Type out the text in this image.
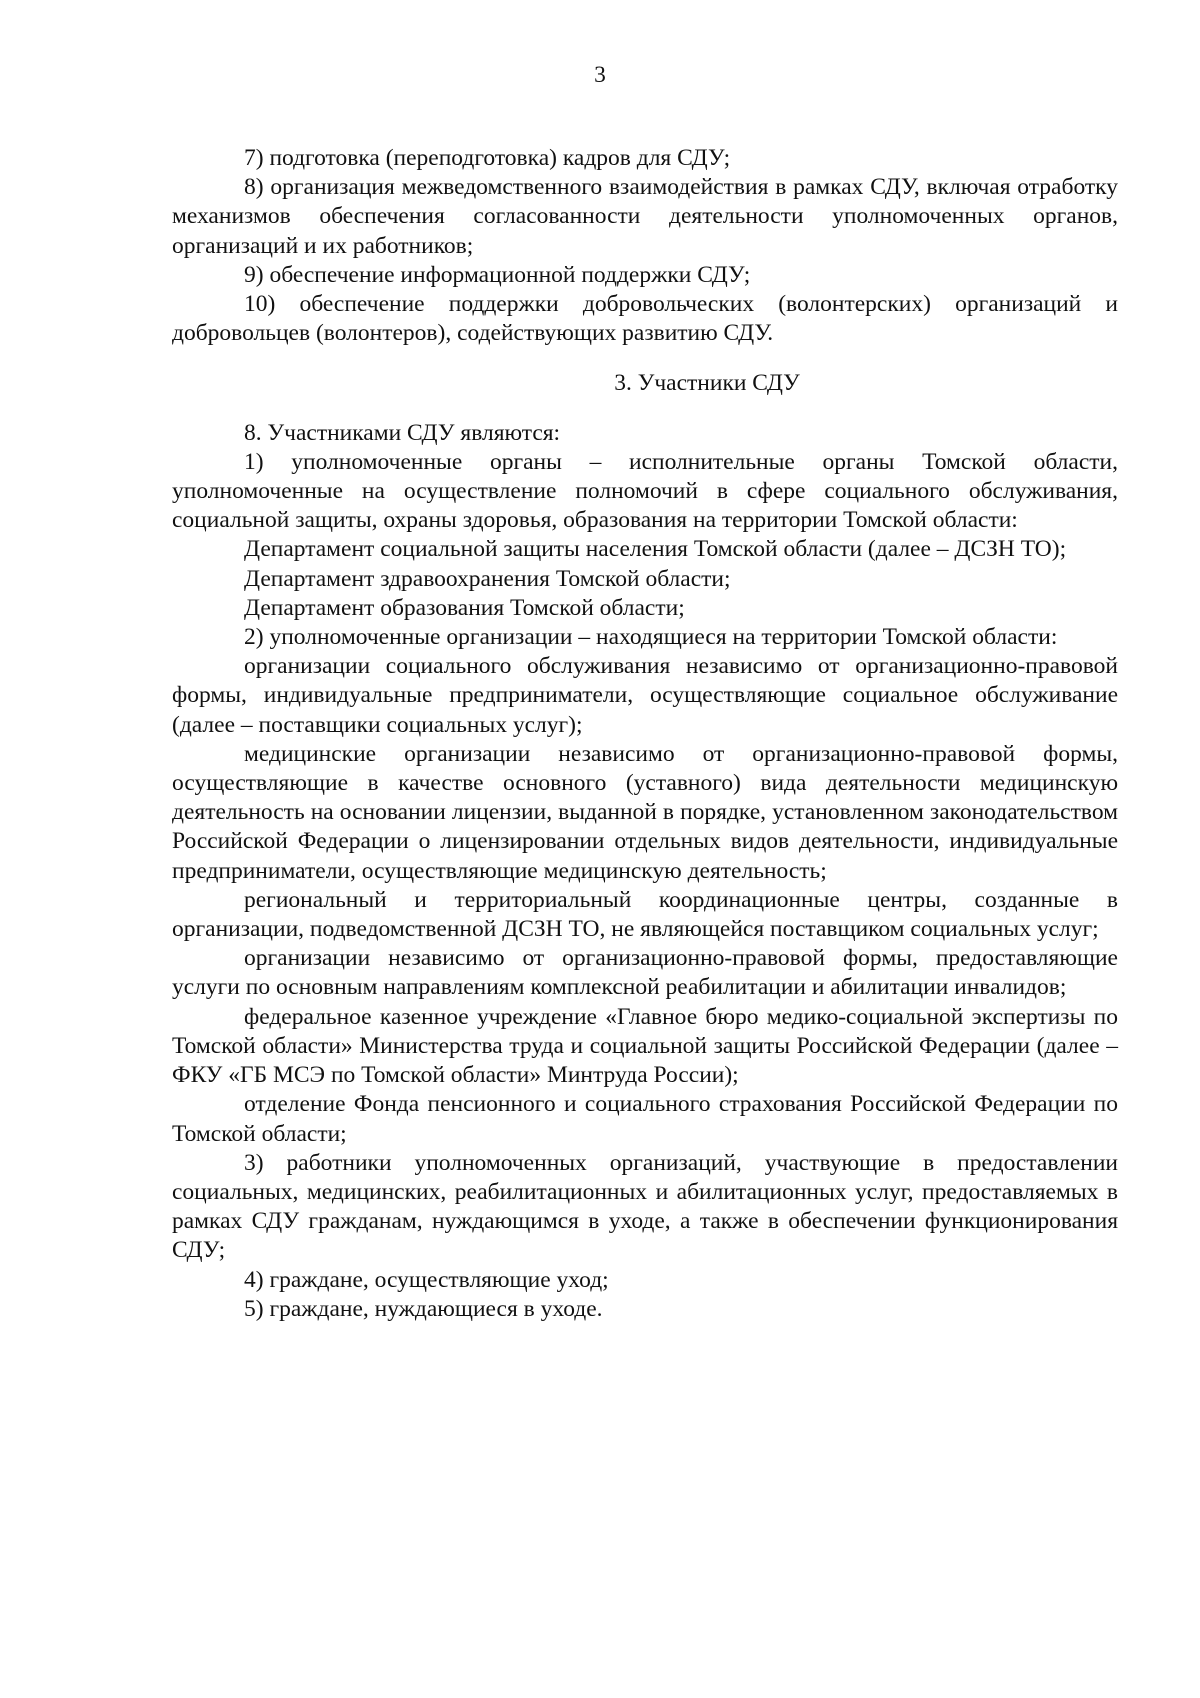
3

7) подготовка (переподготовка) кадров для СДУ;

8) организация межведомственного взаимодействия в рамках СДУ, включая отработку механизмов обеспечения согласованности деятельности уполномоченных органов, организаций и их работников;

9) обеспечение информационной поддержки СДУ;

10) обеспечение поддержки добровольческих (волонтерских) организаций и добровольцев (волонтеров), содействующих развитию СДУ.

3. Участники СДУ

8. Участниками СДУ являются:

1) уполномоченные органы – исполнительные органы Томской области, уполномоченные на осуществление полномочий в сфере социального обслуживания, социальной защиты, охраны здоровья, образования на территории Томской области:

Департамент социальной защиты населения Томской области (далее – ДСЗН ТО);

Департамент здравоохранения Томской области;

Департамент образования Томской области;

2) уполномоченные организации – находящиеся на территории Томской области:

организации социального обслуживания независимо от организационно-правовой формы, индивидуальные предприниматели, осуществляющие социальное обслуживание (далее – поставщики социальных услуг);

медицинские организации независимо от организационно-правовой формы, осуществляющие в качестве основного (уставного) вида деятельности медицинскую деятельность на основании лицензии, выданной в порядке, установленном законодательством Российской Федерации о лицензировании отдельных видов деятельности, индивидуальные предприниматели, осуществляющие медицинскую деятельность;

региональный и территориальный координационные центры, созданные в организации, подведомственной ДСЗН ТО, не являющейся поставщиком социальных услуг;

организации независимо от организационно-правовой формы, предоставляющие услуги по основным направлениям комплексной реабилитации и абилитации инвалидов;

федеральное казенное учреждение «Главное бюро медико-социальной экспертизы по Томской области» Министерства труда и социальной защиты Российской Федерации (далее – ФКУ «ГБ МСЭ по Томской области» Минтруда России);

отделение Фонда пенсионного и социального страхования Российской Федерации по Томской области;

3) работники уполномоченных организаций, участвующие в предоставлении социальных, медицинских, реабилитационных и абилитационных услуг, предоставляемых в рамках СДУ гражданам, нуждающимся в уходе, а также в обеспечении функционирования СДУ;

4) граждане, осуществляющие уход;

5) граждане, нуждающиеся в уходе.
